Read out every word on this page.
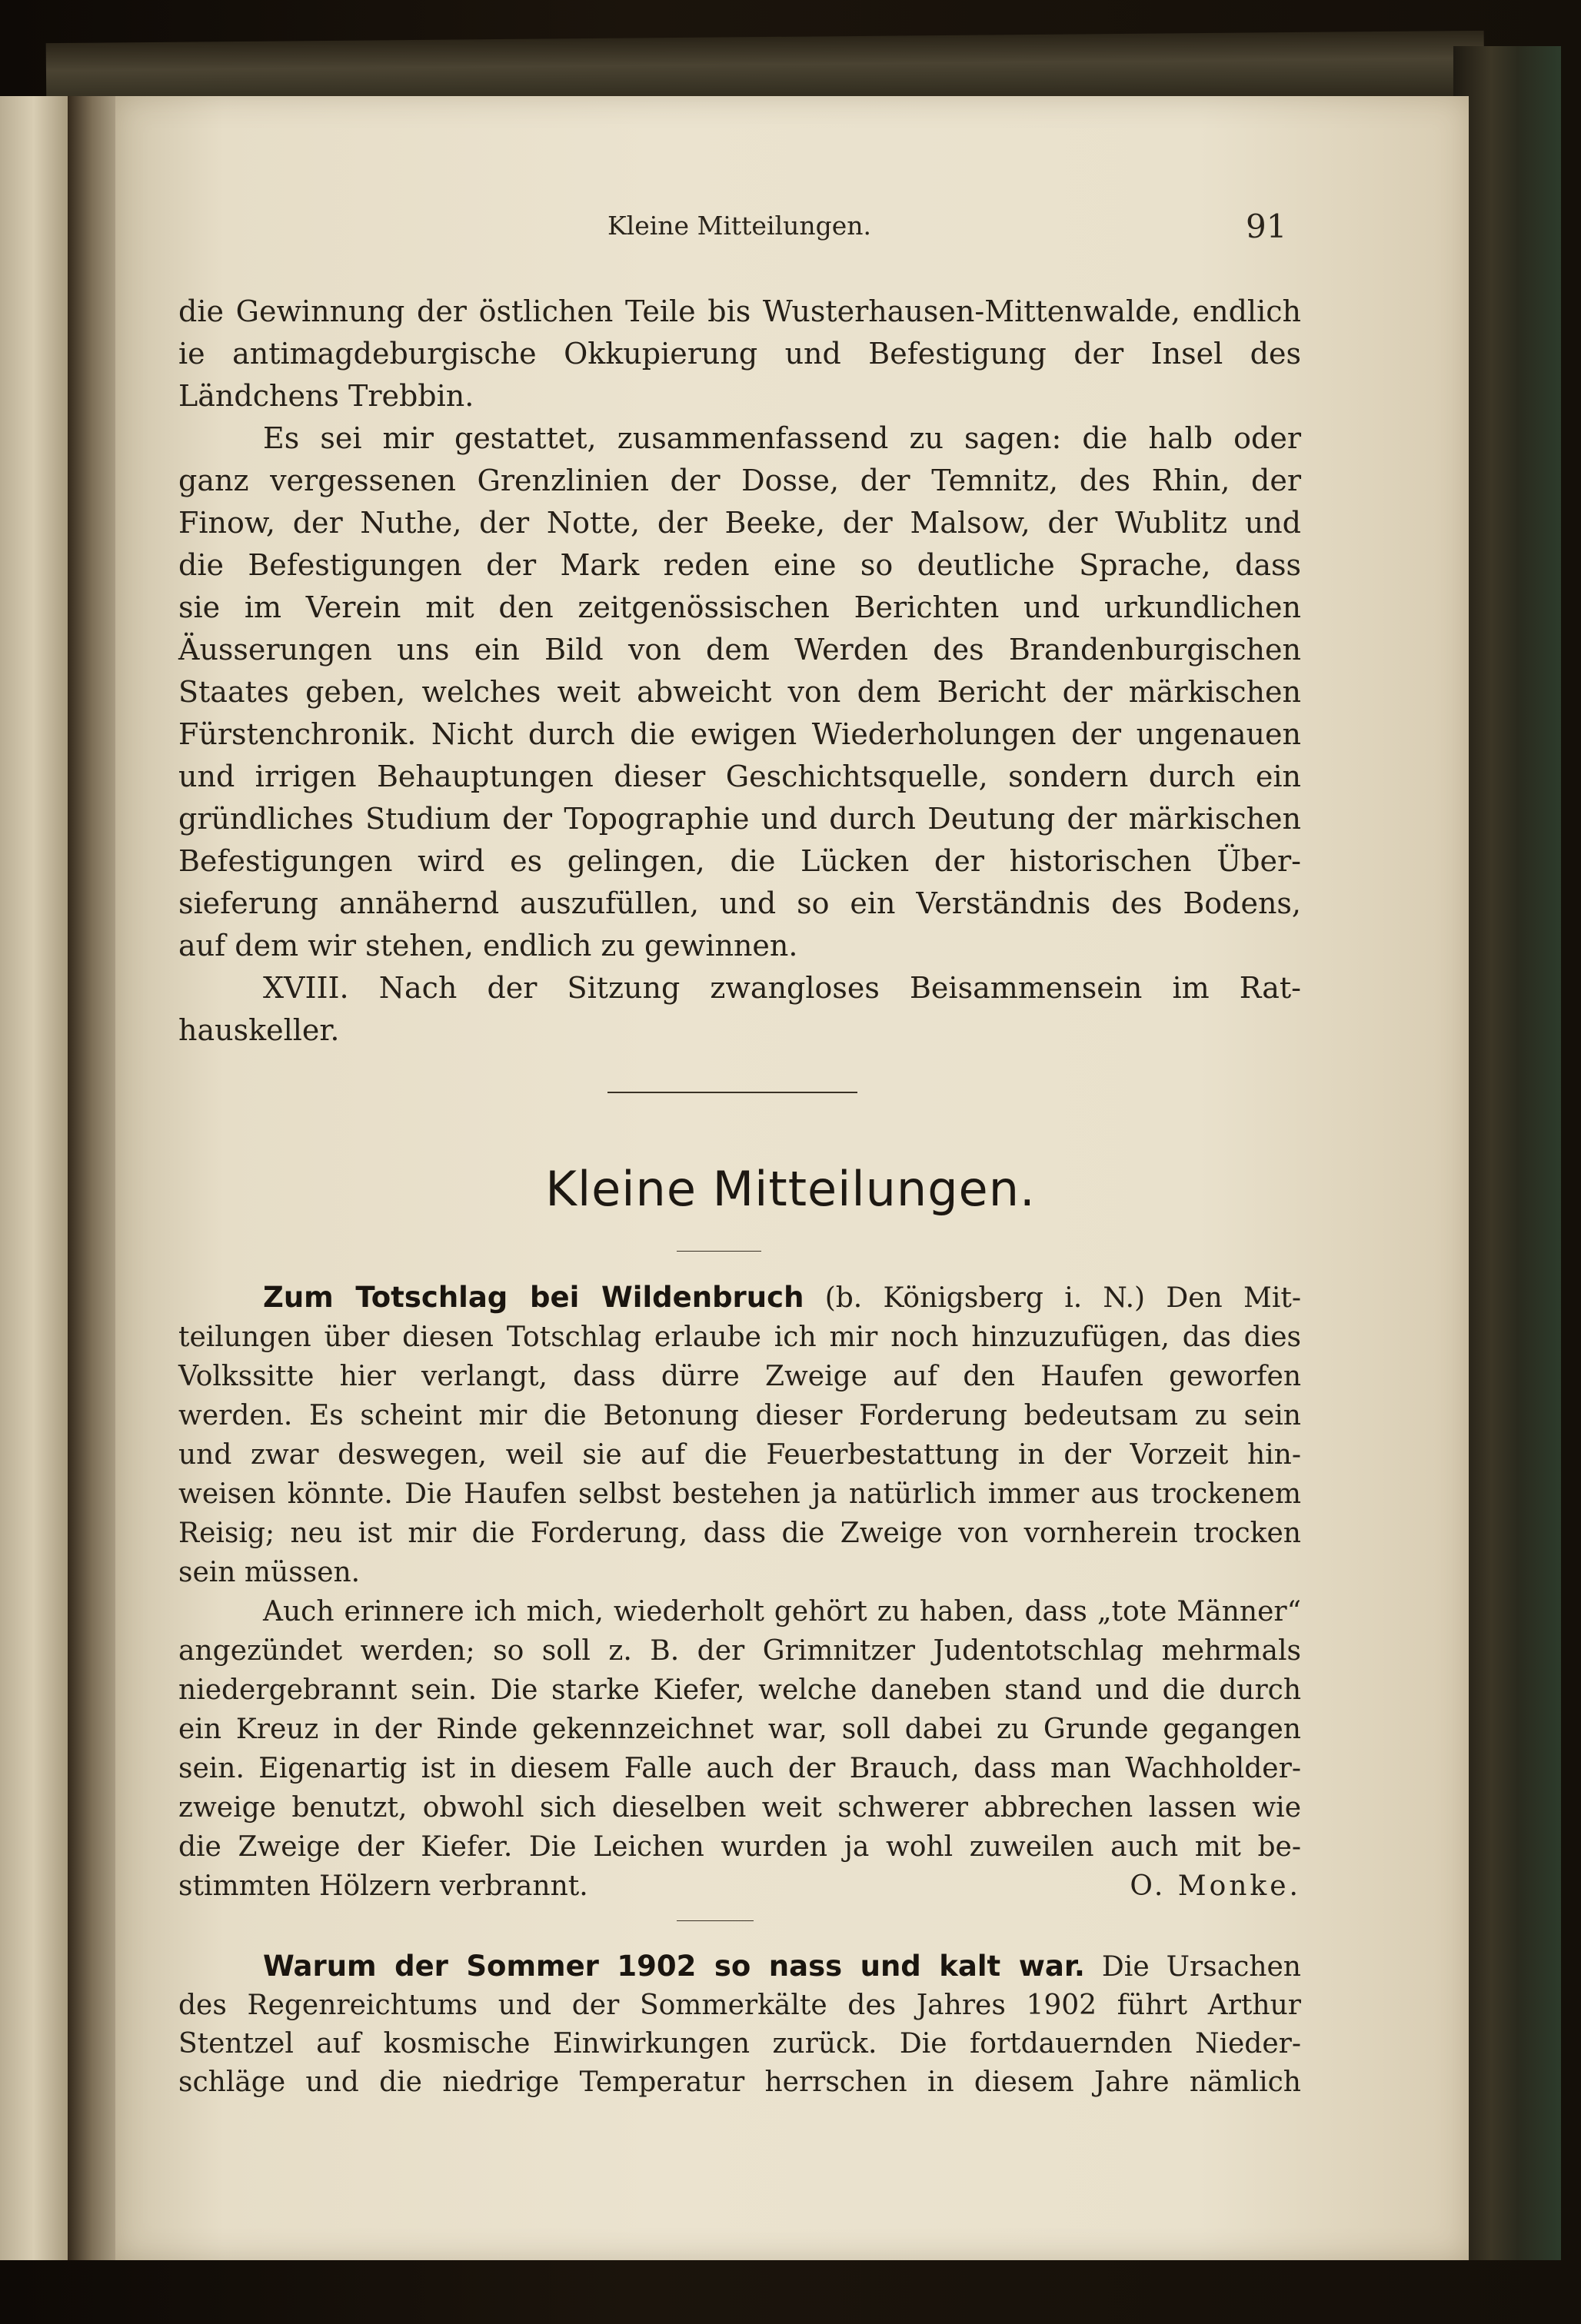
Kleine Mitteilungen.	91

die Gewinnung der östlichen Teile bis Wusterhausen-Mittenwalde, endlich

ie antimagdeburgische Okkupierung und Befestigung der Insel des

Ländchens Trebbin.

Es sei mir gestattet, zusammenfassend zu sagen: die halb oder

ganz vergessenen Grenzlinien der Dosse, der Temnitz, des Rhin, der

Finow, der Nuthe, der Notte, der Beeke, der Malsow, der Wublitz und

die Befestigungen der Mark reden eine so deutliche Sprache, dass

sie im Verein mit den zeitgenössischen Berichten und urkundlichen

Äusserungen uns ein Bild von dem Werden des Brandenburgischen

Staates geben, welches weit abweicht von dem Bericht der märkischen

Fürstenchronik. Nicht durch die ewigen Wiederholungen der ungenauen

und irrigen Behauptungen dieser Geschichtsquelle, sondern durch ein

gründliches Studium der Topographie und durch Deutung der märkischen

Befestigungen wird es gelingen, die Lücken der historischen Über-

sieferung annähernd auszufüllen, und so ein Verständnis des Bodens,

auf dem wir stehen, endlich zu gewinnen.

XVIII. Nach der Sitzung zwangloses Beisammensein im Rat-

hauskeller.

Kleine Mitteilungen.

Zum Totschlag bei Wildenbruch (b. Königsberg i. N.) Den Mit-

teilungen über diesen Totschlag erlaube ich mir noch hinzuzufügen, das dies

Volkssitte hier verlangt, dass dürre Zweige auf den Haufen geworfen

werden. Es scheint mir die Betonung dieser Forderung bedeutsam zu sein

und zwar deswegen, weil sie auf die Feuerbestattung in der Vorzeit hin-

weisen könnte. Die Haufen selbst bestehen ja natürlich immer aus trockenem

Reisig; neu ist mir die Forderung, dass die Zweige von vornherein trocken

sein müssen.

Auch erinnere ich mich, wiederholt gehört zu haben, dass „tote Männer“

angezündet werden; so soll z. B. der Grimnitzer Judentotschlag mehrmals

niedergebrannt sein. Die starke Kiefer, welche daneben stand und die durch

ein Kreuz in der Rinde gekennzeichnet war, soll dabei zu Grunde gegangen

sein. Eigenartig ist in diesem Falle auch der Brauch, dass man Wachholder-

zweige benutzt, obwohl sich dieselben weit schwerer abbrechen lassen wie

die Zweige der Kiefer. Die Leichen wurden ja wohl zuweilen auch mit be-

stimmten Hölzern verbrannt.	O. Monke.

Warum der Sommer 1902 so nass und kalt war. Die Ursachen

des Regenreichtums und der Sommerkälte des Jahres 1902 führt Arthur

Stentzel auf kosmische Einwirkungen zurück. Die fortdauernden Nieder-

schläge und die niedrige Temperatur herrschen in diesem Jahre nämlich
